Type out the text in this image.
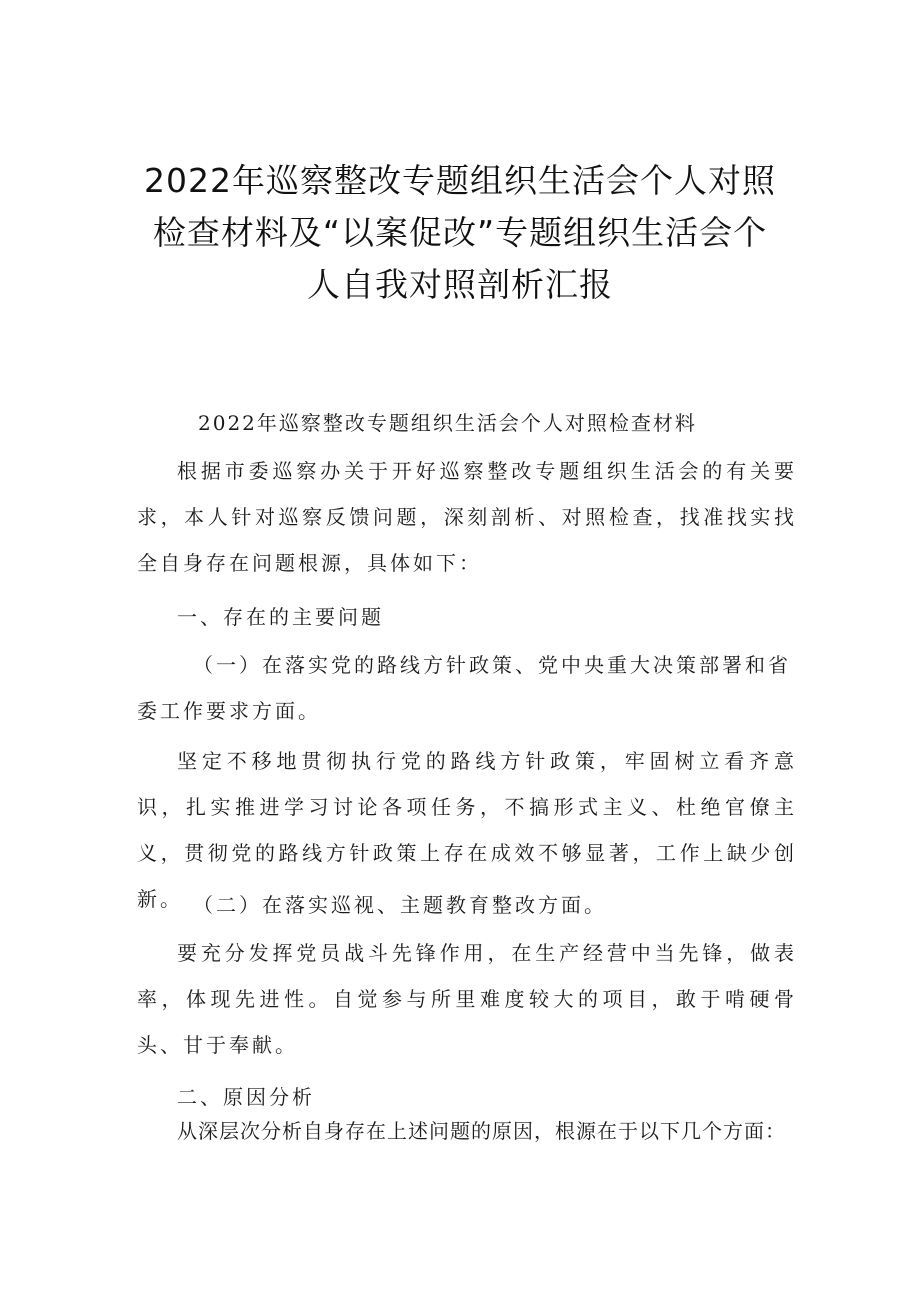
2022年巡察整改专题组织生活会个人对照
检查材料及“以案促改”专题组织生活会个
人自我对照剖析汇报
2022年巡察整改专题组织生活会个人对照检查材料

根据市委巡察办关于开好巡察整改专题组织生活会的有关要求，本人针对巡察反馈问题，深刻剖析、对照检查，找准找实找全自身存在问题根源，具体如下：

一、存在的主要问题

（一）在落实党的路线方针政策、党中央重大决策部署和省委工作要求方面。

坚定不移地贯彻执行党的路线方针政策，牢固树立看齐意识，扎实推进学习讨论各项任务，不搞形式主义、杜绝官僚主义，贯彻党的路线方针政策上存在成效不够显著，工作上缺少创新。 （二）在落实巡视、主题教育整改方面。

要充分发挥党员战斗先锋作用，在生产经营中当先锋，做表率，体现先进性。自觉参与所里难度较大的项目，敢于啃硬骨头、甘于奉献。

二、原因分析

从深层次分析自身存在上述问题的原因，根源在于以下几个方面：
